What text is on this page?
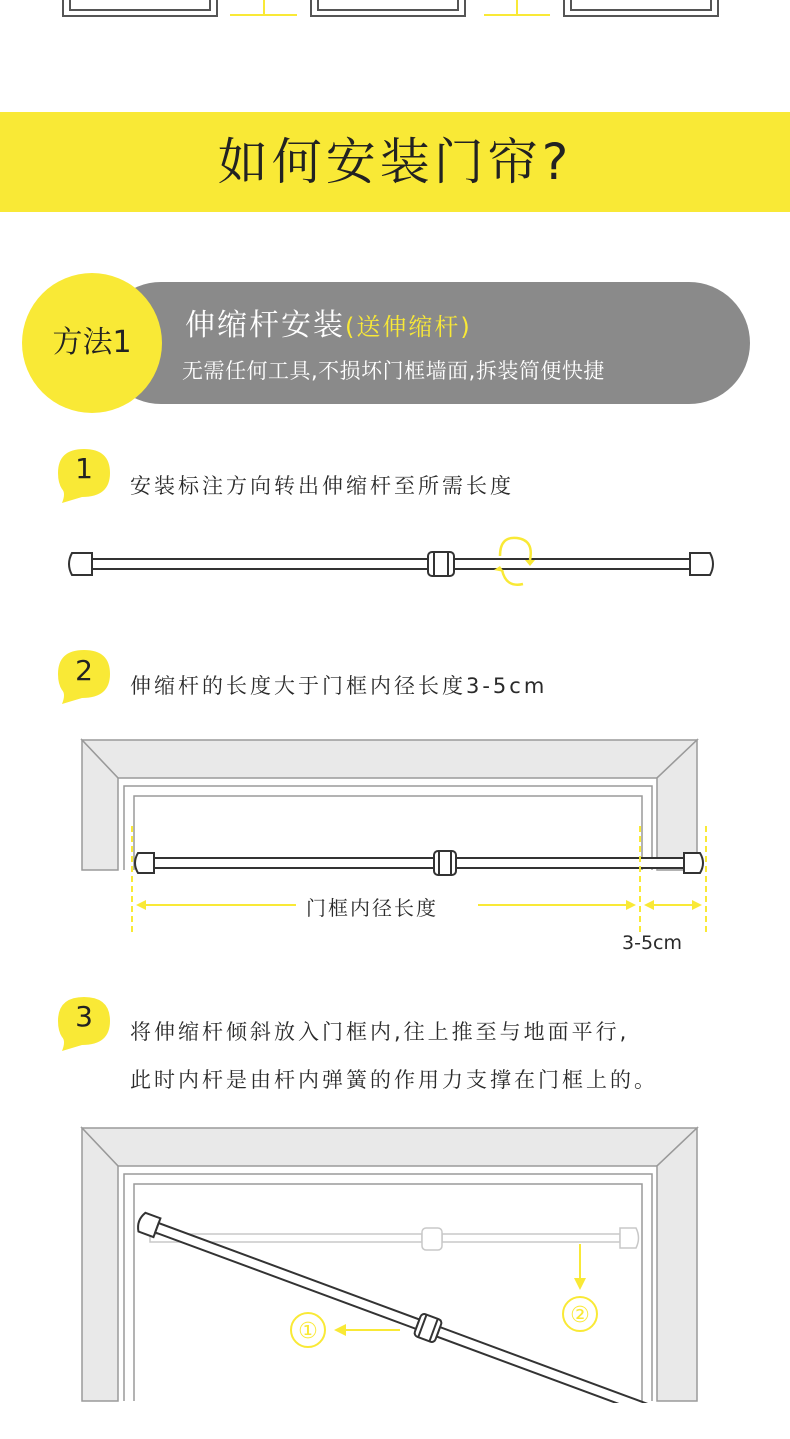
如何安装门帘?
方法1	伸缩杆安装(送伸缩杆)
无需任何工具,不损坏门框墙面,拆装简便快捷
1
安装标注方向转出伸缩杆至所需长度
2	伸缩杆的长度大于门框内径长度3-5cm
门框内径长度
3-5cm
3	将伸缩杆倾斜放入门框内,往上推至与地面平行,
此时内杆是由杆内弹簧的作用力支撑在门框上的。
①
②
